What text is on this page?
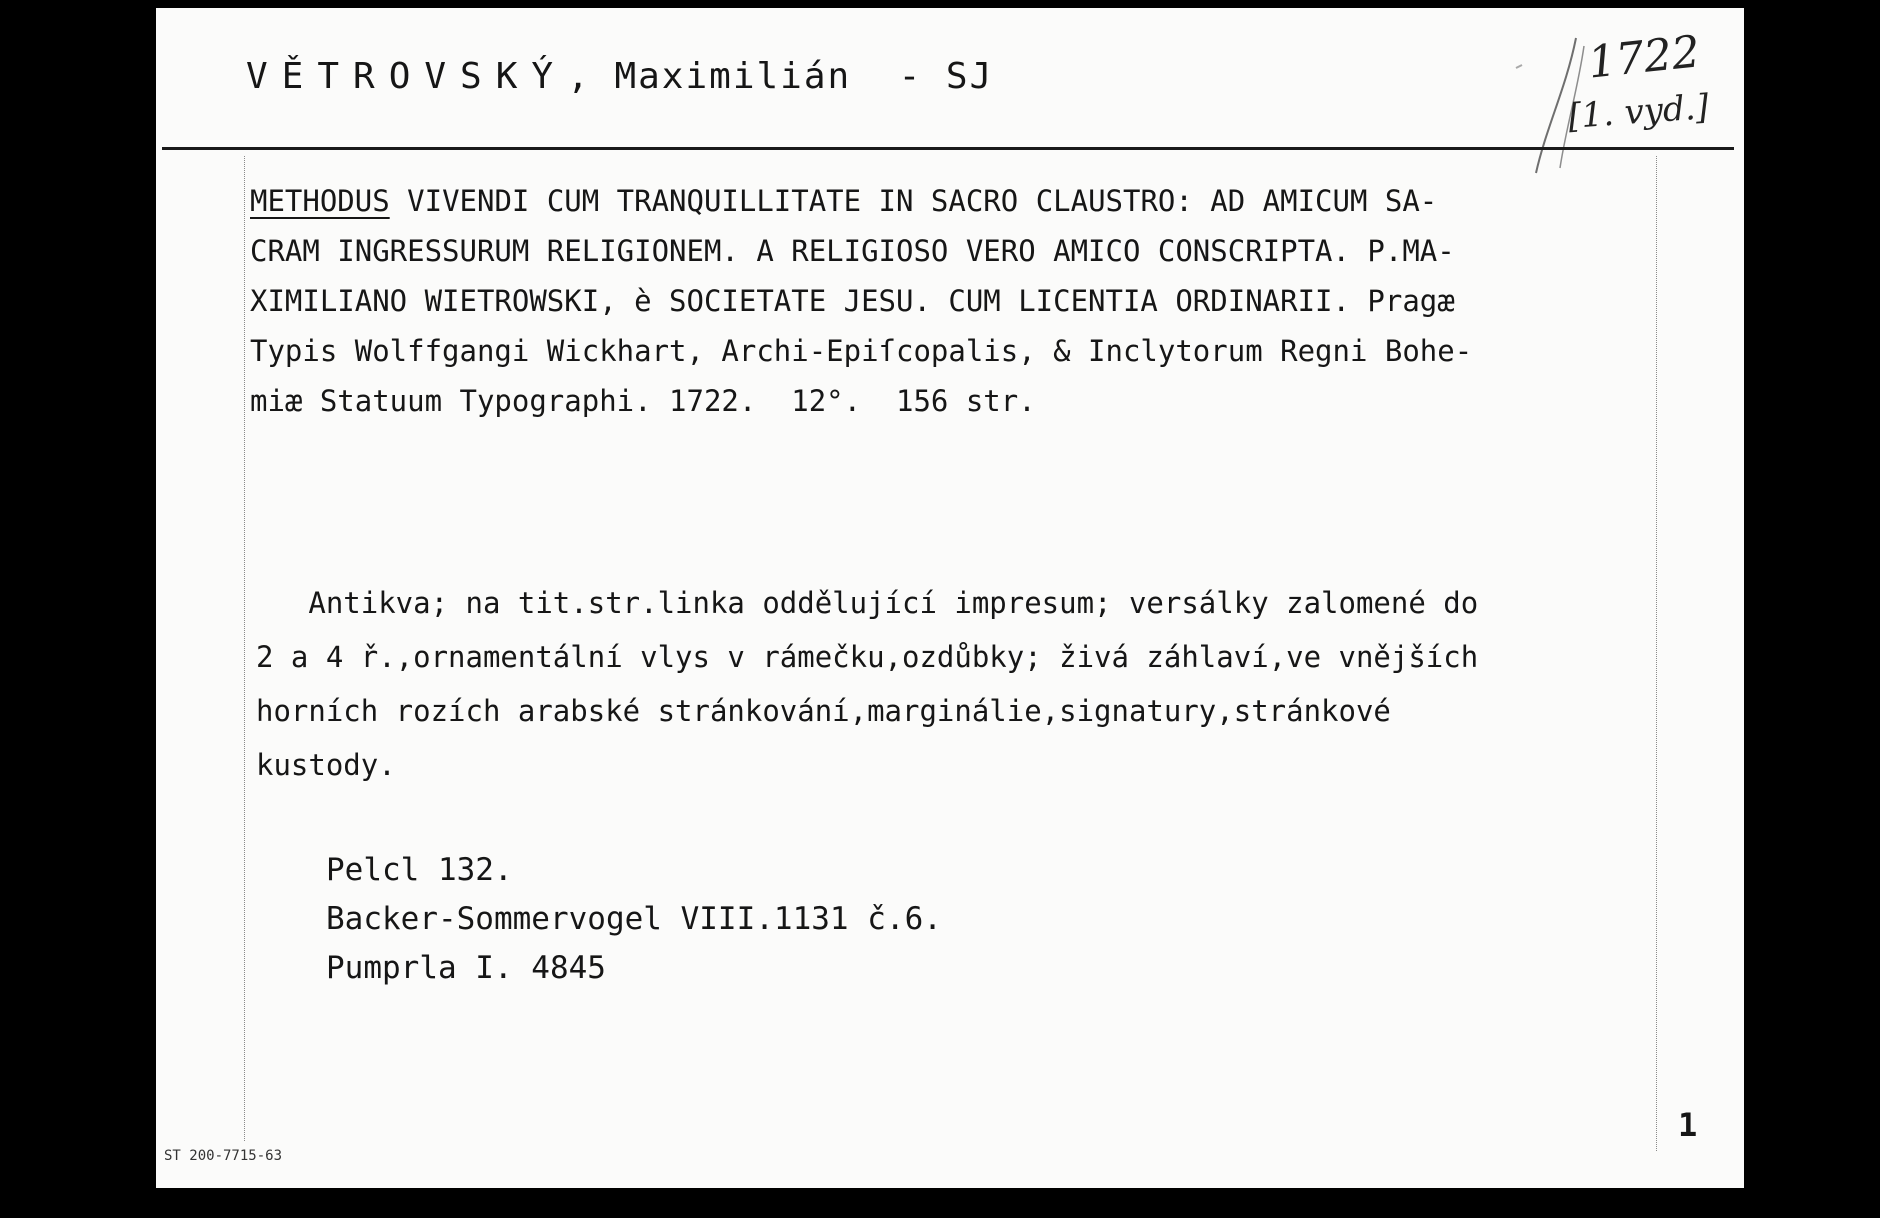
VĚTROVSKÝ, Maximilián - SJ	1722
[1. vyd.]
METHODUS VIVENDI CUM TRANQUILLITATE IN SACRO CLAUSTRO: AD AMICUM SA-
CRAM INGRESSURUM RELIGIONEM. A RELIGIOSO VERO AMICO CONSCRIPTA. P.MA-
XIMILIANO WIETROWSKI, è SOCIETATE JESU. CUM LICENTIA ORDINARII. Pragæ
Typis Wolffgangi Wickhart, Archi-Epiſcopalis, & Inclytorum Regni Bohe-
miæ Statuum Typographi. 1722.  12°.  156 str.
Antikva; na tit.str.linka oddělující impresum; versálky zalomené do
2 a 4 ř.,ornamentální vlys v rámečku,ozdůbky; živá záhlaví,ve vnějších
horních rozích arabské stránkování,marginálie,signatury,stránkové
kustody.
Pelcl 132.
Backer-Sommervogel VIII.1131 č.6.
Pumprla I. 4845
1
ST 200-7715-63
